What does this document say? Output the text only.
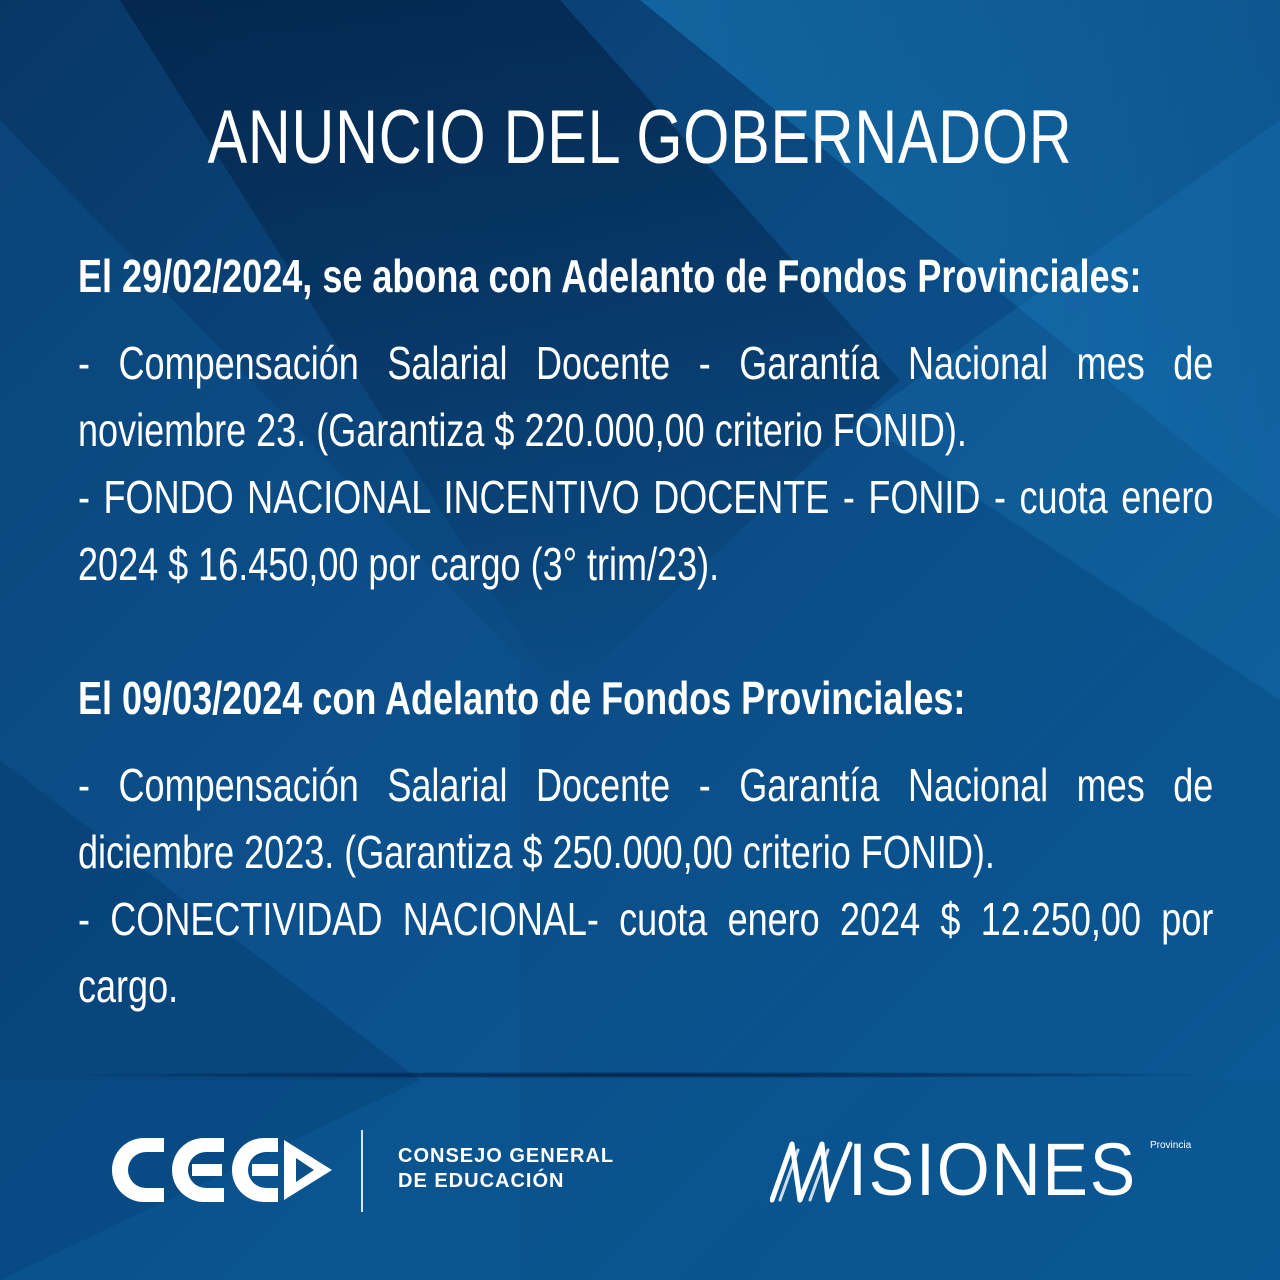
ANUNCIO DEL GOBERNADOR
El 29/02/2024, se abona con Adelanto de Fondos Provinciales:
- Compensación Salarial Docente - Garantía Nacional mes de
noviembre 23. (Garantiza $ 220.000,00 criterio FONID).
- FONDO NACIONAL INCENTIVO DOCENTE - FONID - cuota enero
2024 $ 16.450,00 por cargo (3° trim/23).
El 09/03/2024 con Adelanto de Fondos Provinciales:
- Compensación Salarial Docente - Garantía Nacional mes de
diciembre 2023. (Garantiza $ 250.000,00 criterio FONID).
- CONECTIVIDAD NACIONAL- cuota enero 2024 $ 12.250,00 por
cargo.
CONSEJO GENERAL
DE EDUCACIÓN	ISIONES Provincia
